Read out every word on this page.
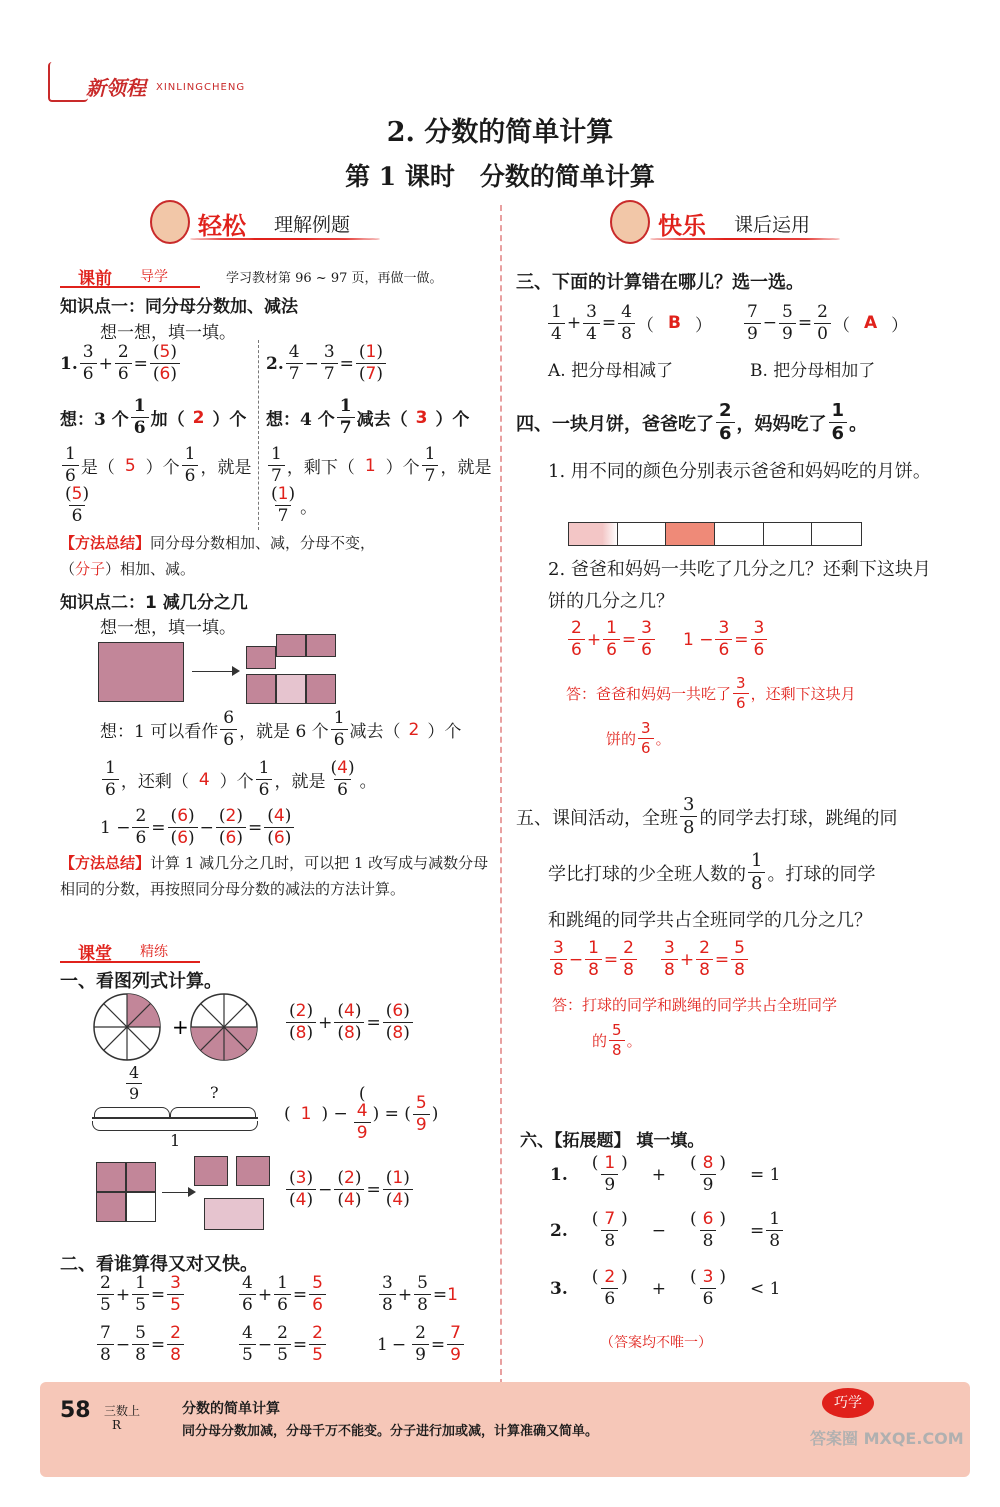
新领程 XINLINGCHENG
2. 分数的简单计算
第 1 课时　分数的简单计算
轻松 理解例题	快乐 课后运用
课前 导学	学习教材第 96 ~ 97 页，再做一做。
知识点一：同分母分数加、减法
想一想，填一填。
1. $\frac{3}{6} + \frac{2}{6} = \frac{(5)}{(6)}$
想：3 个 $\frac{1}{6}$ 加（ 2 ）个
$\frac{1}{6}$ 是（ 5 ）个 $\frac{1}{6}$ ，就是
$\frac{(5)}{6}$
2. $\frac{4}{7} - \frac{3}{7} = \frac{(1)}{(7)}$
想：4 个 $\frac{1}{7}$ 减去（ 3 ）个
$\frac{1}{7}$ ，剩下（ 1 ）个 $\frac{1}{7}$ ，就是
$\frac{(1)}{7}$ 。
【方法总结】同分母分数相加、减，分母不变，
（分子）相加、减。
知识点二：1 减几分之几
想一想，填一填。
想：1 可以看作 $\frac{6}{6}$ ，就是 6 个 $\frac{1}{6}$ 减去（ 2 ）个
$\frac{1}{6}$ ，还剩（ 4 ）个 $\frac{1}{6}$ ，就是 $\frac{(4)}{6}$ 。
$1 - \frac{2}{6} = \frac{(6)}{(6)} - \frac{(2)}{(6)} = \frac{(4)}{(6)}$
【方法总结】计算 1 减几分之几时，可以把 1 改写成与减数分母相同的分数，再按照同分母分数的减法的方法计算。
课堂 精练
一、看图列式计算。
+	$\frac{(2)}{(8)} + \frac{(4)}{(8)} = \frac{(6)}{(8)}$
$\frac{4}{9}$	?
1
( 1 ) −
(
4
9
) = ( $\frac{5}{9}$ )
$\frac{(3)}{(4)} - \frac{(2)}{(4)} = \frac{(1)}{(4)}$
二、看谁算得又对又快。
$\frac{2}{5} + \frac{1}{5} = \frac{3}{5}$	$\frac{4}{6} + \frac{1}{6} = \frac{5}{6}$	$\frac{3}{8} + \frac{5}{8} = 1$
$\frac{7}{8} - \frac{5}{8} = \frac{2}{8}$	$\frac{4}{5} - \frac{2}{5} = \frac{2}{5}$	$1 - \frac{2}{9} = \frac{7}{9}$
三、下面的计算错在哪儿？选一选。
$\frac{1}{4} + \frac{3}{4} = \frac{4}{8}$ （ B ） $\frac{7}{9} - \frac{5}{9} = \frac{2}{0}$ （ A ）
A. 把分母相减了	B. 把分母相加了
四、一块月饼，爸爸吃了 $\frac{2}{6}$ ，妈妈吃了 $\frac{1}{6}$ 。
1. 用不同的颜色分别表示爸爸和妈妈吃的月饼。
2. 爸爸和妈妈一共吃了几分之几？还剩下这块月饼的几分之几？
$\frac{2}{6} + \frac{1}{6} = \frac{3}{6} 1 - \frac{3}{6} = \frac{3}{6}$
答：爸爸和妈妈一共吃了 $\frac{3}{6}$ ，还剩下这块月
饼的 $\frac{3}{6}$ 。
五、课间活动，全班 $\frac{3}{8}$ 的同学去打球，跳绳的同
学比打球的少全班人数的 $\frac{1}{8}$ 。打球的同学
和跳绳的同学共占全班同学的几分之几？
$\frac{3}{8} - \frac{1}{8} = \frac{2}{8} \frac{3}{8} + \frac{2}{8} = \frac{5}{8}$
答：打球的同学和跳绳的同学共占全班同学
的 $\frac{5}{8}$ 。
六、【拓展题】 填一填。
1. $\frac{( 1 )}{9} + \frac{( 8 )}{9} = 1$
2. $\frac{( 7 )}{8} - \frac{( 6 )}{8} = \frac{1}{8}$
3. $\frac{( 2 )}{6} + \frac{( 3 )}{6} < 1$
（答案均不唯一）
58 三数上
R
分数的简单计算
同分母分数加减，分母千万不能变。分子进行加或减，计算准确又简单。
巧学
答案圈 MXQE.COM
